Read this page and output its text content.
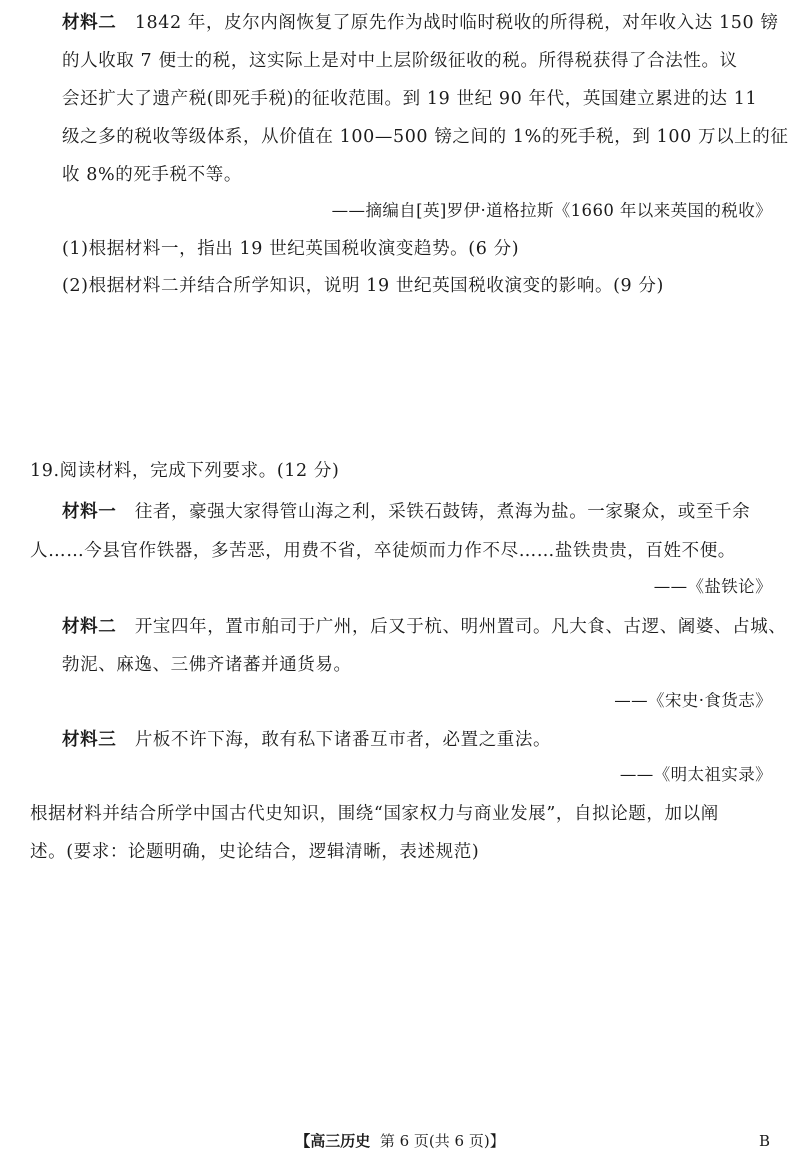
材料二 1842 年，皮尔内阁恢复了原先作为战时临时税收的所得税，对年收入达 150 镑
的人收取 7 便士的税，这实际上是对中上层阶级征收的税。所得税获得了合法性。议
会还扩大了遗产税(即死手税)的征收范围。到 19 世纪 90 年代，英国建立累进的达 11
级之多的税收等级体系，从价值在 100—500 镑之间的 1%的死手税，到 100 万以上的征
收 8%的死手税不等。
——摘编自[英]罗伊·道格拉斯《1660 年以来英国的税收》
(1)根据材料一，指出 19 世纪英国税收演变趋势。(6 分)
(2)根据材料二并结合所学知识，说明 19 世纪英国税收演变的影响。(9 分)
19.阅读材料，完成下列要求。(12 分)
材料一 往者，豪强大家得管山海之利，采铁石鼓铸，煮海为盐。一家聚众，或至千余
人……今县官作铁器，多苦恶，用费不省，卒徒烦而力作不尽……盐铁贵贵，百姓不便。
——《盐铁论》
材料二 开宝四年，置市舶司于广州，后又于杭、明州置司。凡大食、古逻、阇婆、占城、
勃泥、麻逸、三佛齐诸蕃并通货易。
——《宋史·食货志》
材料三 片板不许下海，敢有私下诸番互市者，必置之重法。
——《明太祖实录》
根据材料并结合所学中国古代史知识，围绕“国家权力与商业发展”，自拟论题，加以阐
述。(要求：论题明确，史论结合，逻辑清晰，表述规范)
【高三历史 第 6 页(共 6 页)】	B
